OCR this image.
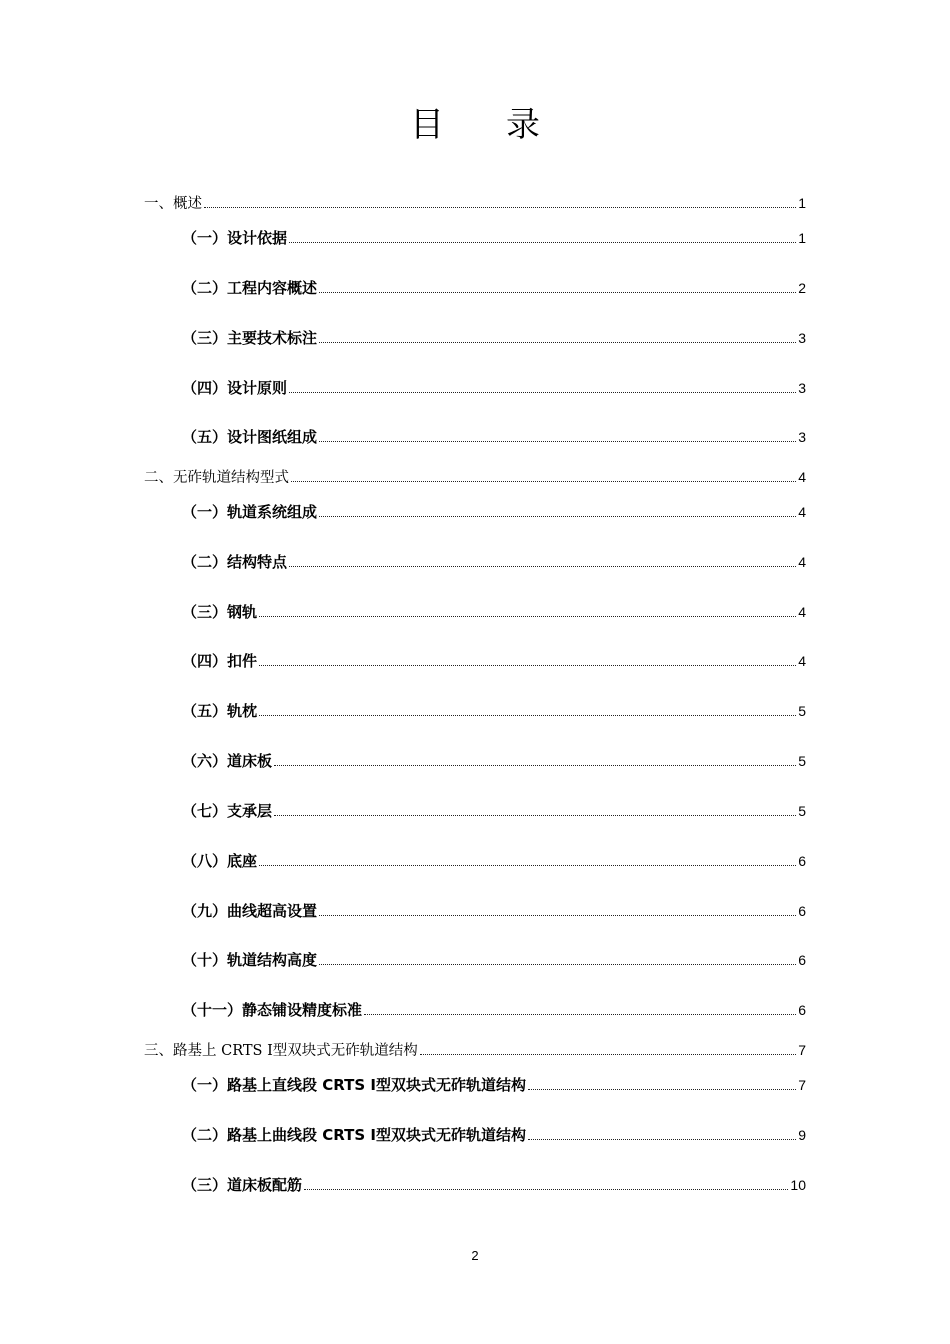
目录
一、概述	1
（一）设计依据	1
（二）工程内容概述	2
（三）主要技术标注	3
（四）设计原则	3
（五）设计图纸组成	3
二、无砟轨道结构型式	4
（一）轨道系统组成	4
（二）结构特点	4
（三）钢轨	4
（四）扣件	4
（五）轨枕	5
（六）道床板	5
（七）支承层	5
（八）底座	6
（九）曲线超高设置	6
（十）轨道结构高度	6
（十一）静态铺设精度标准	6
三、路基上 CRTS Ⅰ型双块式无砟轨道结构	7
（一）路基上直线段 CRTS Ⅰ型双块式无砟轨道结构	7
（二）路基上曲线段 CRTS Ⅰ型双块式无砟轨道结构	9
（三）道床板配筋	10
2
